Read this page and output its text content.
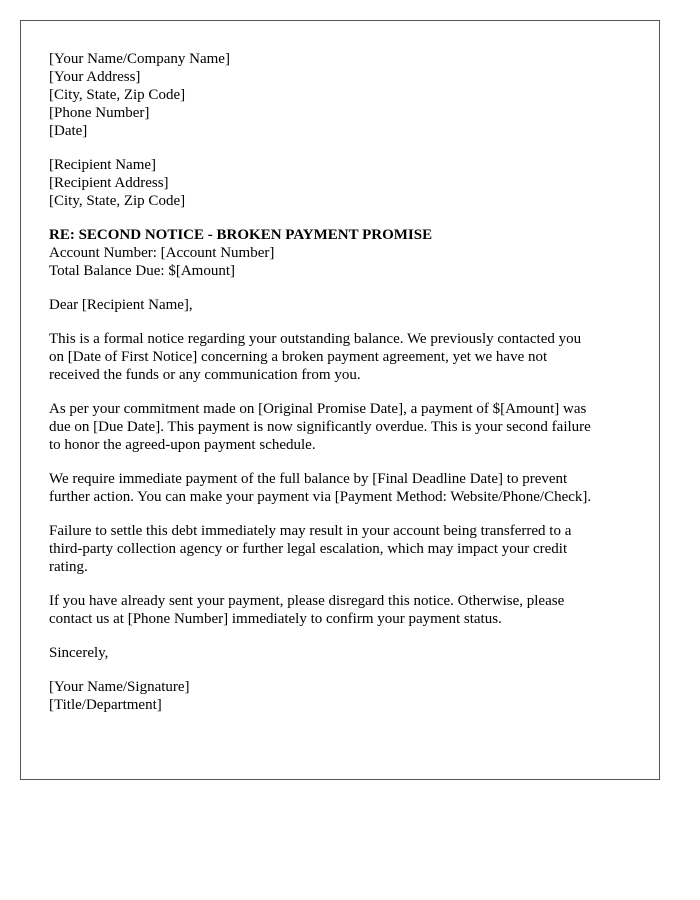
[Your Name/Company Name]
[Your Address]
[City, State, Zip Code]
[Phone Number]
[Date]
[Recipient Name]
[Recipient Address]
[City, State, Zip Code]
RE: SECOND NOTICE - BROKEN PAYMENT PROMISE
Account Number: [Account Number]
Total Balance Due: $[Amount]

Dear [Recipient Name],

This is a formal notice regarding your outstanding balance. We previously contacted you
on [Date of First Notice] concerning a broken payment agreement, yet we have not
received the funds or any communication from you.

As per your commitment made on [Original Promise Date], a payment of $[Amount] was
due on [Due Date]. This payment is now significantly overdue. This is your second failure
to honor the agreed-upon payment schedule.

We require immediate payment of the full balance by [Final Deadline Date] to prevent
further action. You can make your payment via [Payment Method: Website/Phone/Check].

Failure to settle this debt immediately may result in your account being transferred to a
third-party collection agency or further legal escalation, which may impact your credit
rating.

If you have already sent your payment, please disregard this notice. Otherwise, please
contact us at [Phone Number] immediately to confirm your payment status.

Sincerely,

[Your Name/Signature]
[Title/Department]
